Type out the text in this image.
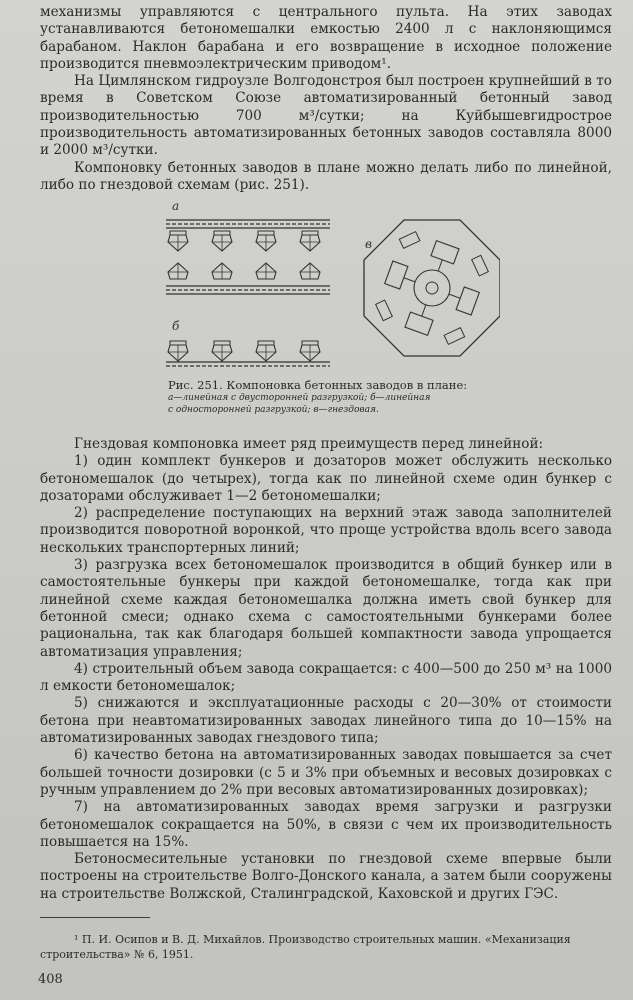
механизмы управляются с центрального пульта. На этих заводах устанавливаются бетономешалки емкостью 2400 л с наклоняющимся барабаном. Наклон барабана и его возвращение в исходное положение производится пневмоэлектрическим приводом¹.

На Цимлянском гидроузле Волгодонстроя был построен крупнейший в то время в Советском Союзе автоматизированный бетонный завод производительностью 700 м³/сутки; на Куйбышевгидрострое производительность автоматизированных бетонных заводов составляла 8000 и 2000 м³/сутки.

Компоновку бетонных заводов в плане можно делать либо по линейной, либо по гнездовой схемам (рис. 251).

а
б
в
Рис. 251. Компоновка бетонных заводов в плане:
а—линейная с двусторонней разгрузкой; б—линейная
с односторонней разгрузкой; в—гнездовая.

Гнездовая компоновка имеет ряд преимуществ перед линейной:

1) один комплект бункеров и дозаторов может обслужить несколько бетономешалок (до четырех), тогда как по линейной схеме один бункер с дозаторами обслуживает 1—2 бетономешалки;

2) распределение поступающих на верхний этаж завода заполнителей производится поворотной воронкой, что проще устройства вдоль всего завода нескольких транспортерных линий;

3) разгрузка всех бетономешалок производится в общий бункер или в самостоятельные бункеры при каждой бетономешалке, тогда как при линейной схеме каждая бетономешалка должна иметь свой бункер для бетонной смеси; однако схема с самостоятельными бункерами более рациональна, так как благодаря большей компактности завода упрощается автоматизация управления;

4) строительный объем завода сокращается: с 400—500 до 250 м³ на 1000 л емкости бетономешалок;

5) снижаются и эксплуатационные расходы с 20—30% от стоимости бетона при неавтоматизированных заводах линейного типа до 10—15% на автоматизированных заводах гнездового типа;

6) качество бетона на автоматизированных заводах повышается за счет большей точности дозировки (с 5 и 3% при объемных и весовых дозировках с ручным управлением до 2% при весовых автоматизированных дозировках);

7) на автоматизированных заводах время загрузки и разгрузки бетономешалок сокращается на 50%, в связи с чем их производительность повышается на 15%.

Бетоносмесительные установки по гнездовой схеме впервые были построены на строительстве Волго-Донского канала, а затем были сооружены на строительстве Волжской, Сталинградской, Каховской и других ГЭС.

¹ П. И. Осипов и В. Д. Михайлов. Производство строительных машин. «Механизация строительства» № 6, 1951.
408
